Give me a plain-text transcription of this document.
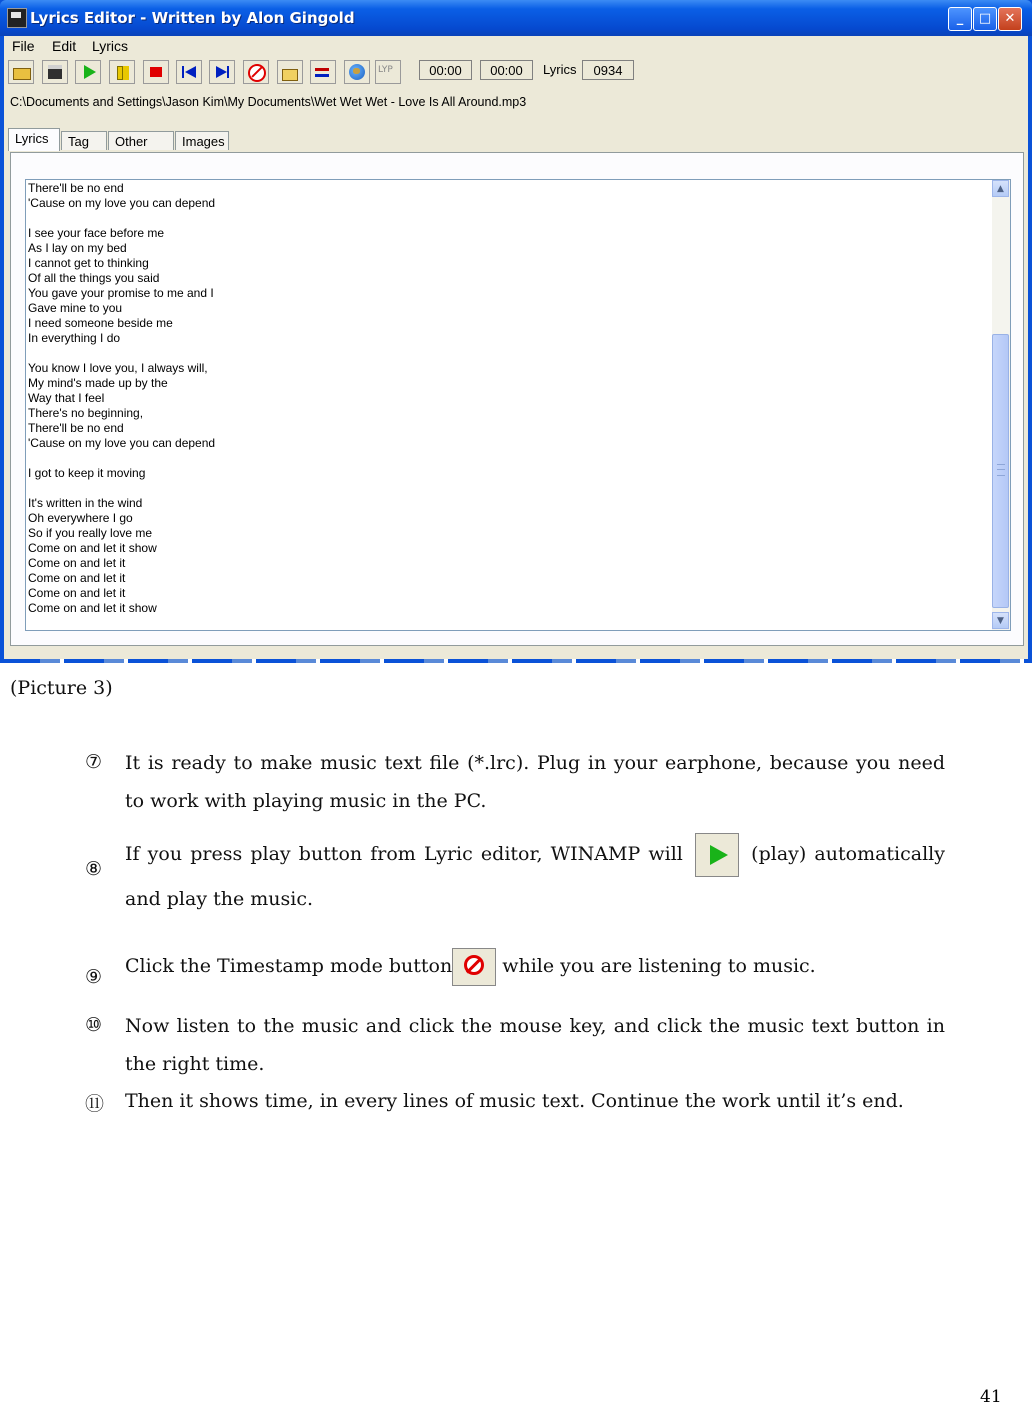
Lyrics Editor - Written by Alon Gingold	_	□	✕
File Edit Lyrics
LYP	00:00	00:00	Lyrics	0934
C:\Documents and Settings\Jason Kim\My Documents\Wet Wet Wet - Love Is All Around.mp3
Lyrics	Tag	Other	Images
There'll be no end
'Cause on my love you can depend
I see your face before me
As I lay on my bed
I cannot get to thinking
Of all the things you said
You gave your promise to me and I
Gave mine to you
I need someone beside me
In everything I do
You know I love you, I always will,
My mind's made up by the
Way that I feel
There's no beginning,
There'll be no end
'Cause on my love you can depend
I got to keep it moving
It's written in the wind
Oh everywhere I go
So if you really love me
Come on and let it show
Come on and let it
Come on and let it
Come on and let it
Come on and let it show
▲
▼
(Picture 3)
⑦ It is ready to make music text file (*.lrc). Plug in your earphone, because you need to work with playing music in the PC.
⑧
If you press play button from Lyric editor, WINAMP will	(play) automatically and play the music.
⑨ Click the Timestamp mode button	while you are listening to music.
⑩ Now listen to the music and click the mouse key, and click the music text button in the right time.
⑪ Then it shows time, in every lines of music text. Continue the work until it’s end.
41
